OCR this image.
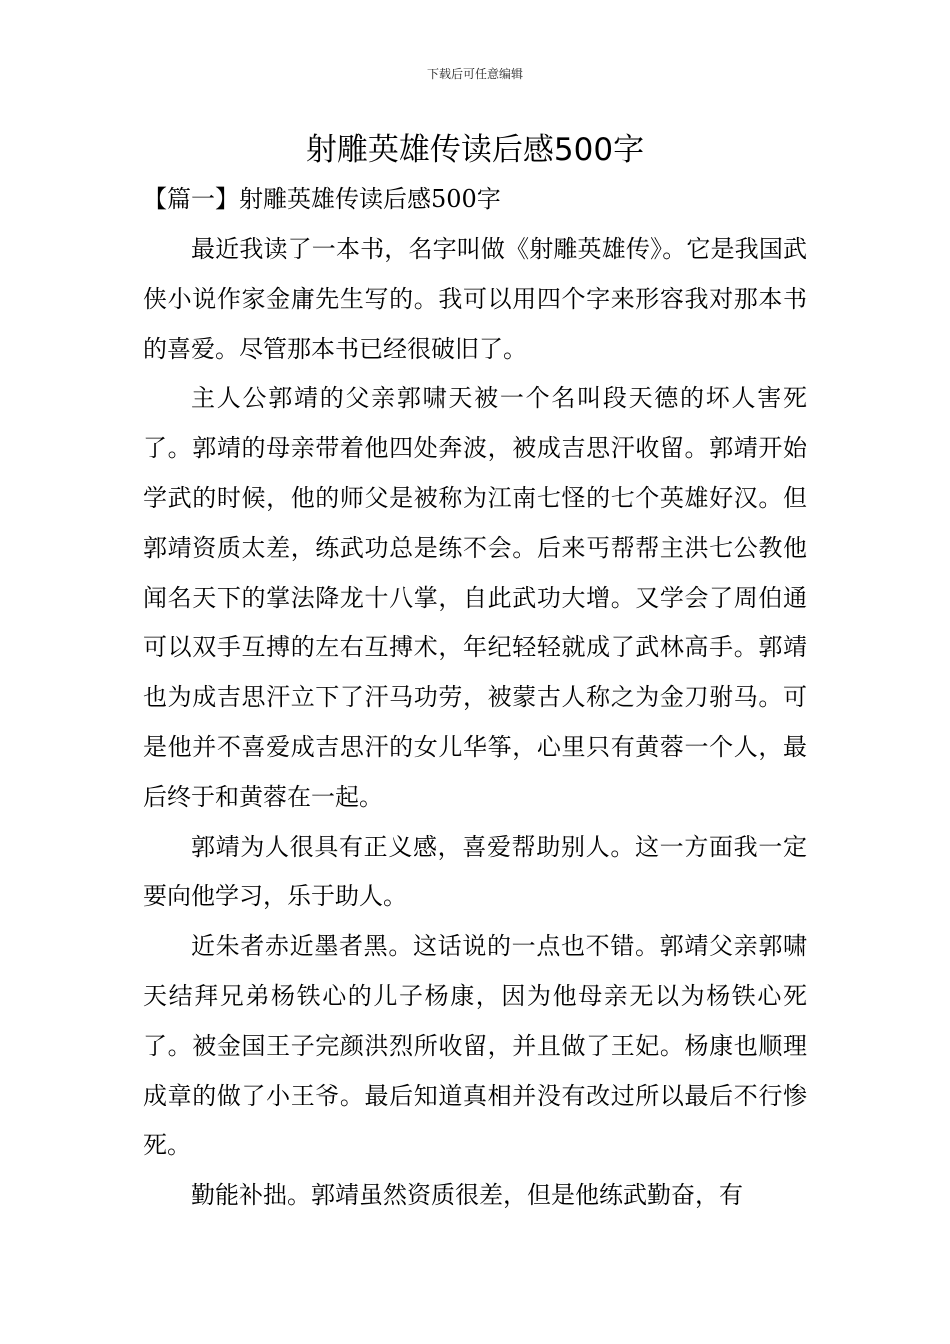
下载后可任意编辑
射雕英雄传读后感500字
【篇一】射雕英雄传读后感500字

最近我读了一本书，名字叫做《射雕英雄传》。它是我国武侠小说作家金庸先生写的。我可以用四个字来形容我对那本书的喜爱。尽管那本书已经很破旧了。

主人公郭靖的父亲郭啸天被一个名叫段天德的坏人害死了。郭靖的母亲带着他四处奔波，被成吉思汗收留。郭靖开始学武的时候，他的师父是被称为江南七怪的七个英雄好汉。但郭靖资质太差，练武功总是练不会。后来丐帮帮主洪七公教他闻名天下的掌法降龙十八掌，自此武功大增。又学会了周伯通可以双手互搏的左右互搏术，年纪轻轻就成了武林高手。郭靖也为成吉思汗立下了汗马功劳，被蒙古人称之为金刀驸马。可是他并不喜爱成吉思汗的女儿华筝，心里只有黄蓉一个人，最后终于和黄蓉在一起。

郭靖为人很具有正义感，喜爱帮助别人。这一方面我一定要向他学习，乐于助人。

近朱者赤近墨者黑。这话说的一点也不错。郭靖父亲郭啸天结拜兄弟杨铁心的儿子杨康，因为他母亲无以为杨铁心死了。被金国王子完颜洪烈所收留，并且做了王妃。杨康也顺理成章的做了小王爷。最后知道真相并没有改过所以最后不行惨死。

勤能补拙。郭靖虽然资质很差，但是他练武勤奋，有
